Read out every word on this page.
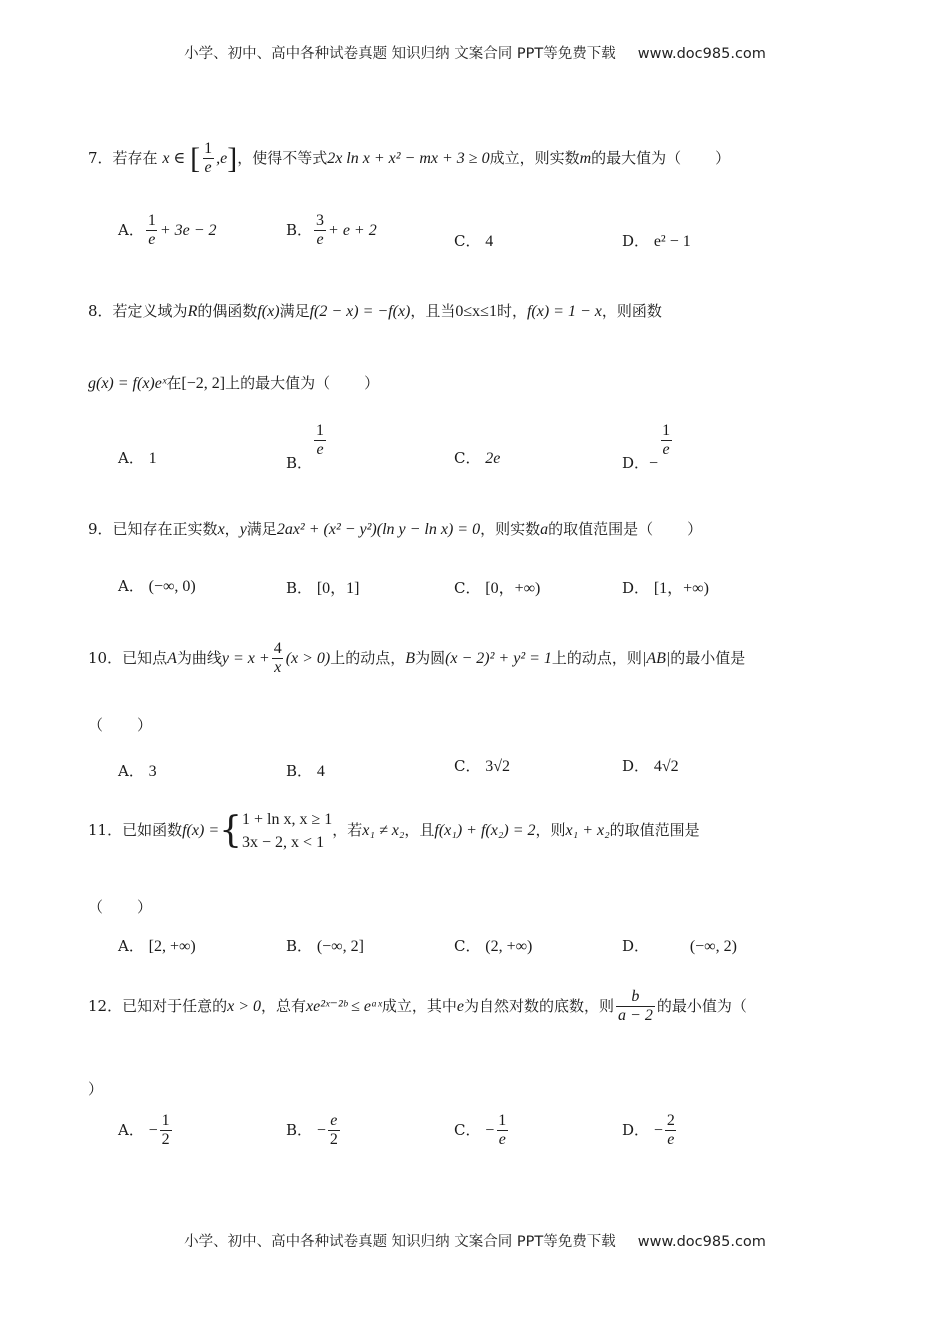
小学、初中、高中各种试卷真题 知识归纳 文案合同 PPT等免费下载 www.doc985.com
7．若存在 x ∈ [ $\frac{1}{e} ,e$]，使得不等式2x ln x + x² − mx + 3 ≥ 0成立，则实数m的最大值为（ ）
A． $\frac{1}{e} + 3e - 2$	B． $\frac{3}{e} + e + 2$
C． 4	D． e² − 1
8．若定义域为R的偶函数f(x)满足f(2 − x) = −f(x)，且当0≤x≤1时，f(x) = 1 − x，则函数
g(x) = f(x)eˣ在[−2, 2]上的最大值为（ ）
A． 1	B．
$\frac{1}{e}$	C． 2e	D．−
$\frac{1}{e}$
9．已知存在正实数x，y满足2ax² + (x² − y²)(ln y − ln x) = 0，则实数a的取值范围是（ ）
A． (−∞, 0)	B． [0，1]	C． [0，+∞)	D． [1，+∞)
10．已知点A为曲线$y = x + \frac{4}{x} (x > 0)$上的动点，B为圆(x − 2)² + y² = 1上的动点，则|AB|的最小值是
（ ）
A． 3	B． 4	C． 3√2	D． 4√2
11．已如函数f(x) ={ 1 + ln x, x ≥ 1
3x − 2, x < 1
，若x₁ ≠ x₂，且f(x₁) + f(x₂) = 2，则x₁ + x₂的取值范围是
（ ）
A． [2, +∞)	B． (−∞, 2]	C． (2, +∞)	D．	(−∞, 2)
12．已知对于任意的x > 0，总有xe²ˣ⁻²ᵇ ≤ eᵃˣ成立，其中e为自然对数的底数，则 $\frac{b}{a - 2}$ 的最小值为（
）
A． − $\frac{1}{2}$	B． − $\frac{e}{2}$	C． − $\frac{1}{e}$	D． − $\frac{2}{e}$
小学、初中、高中各种试卷真题 知识归纳 文案合同 PPT等免费下载 www.doc985.com
